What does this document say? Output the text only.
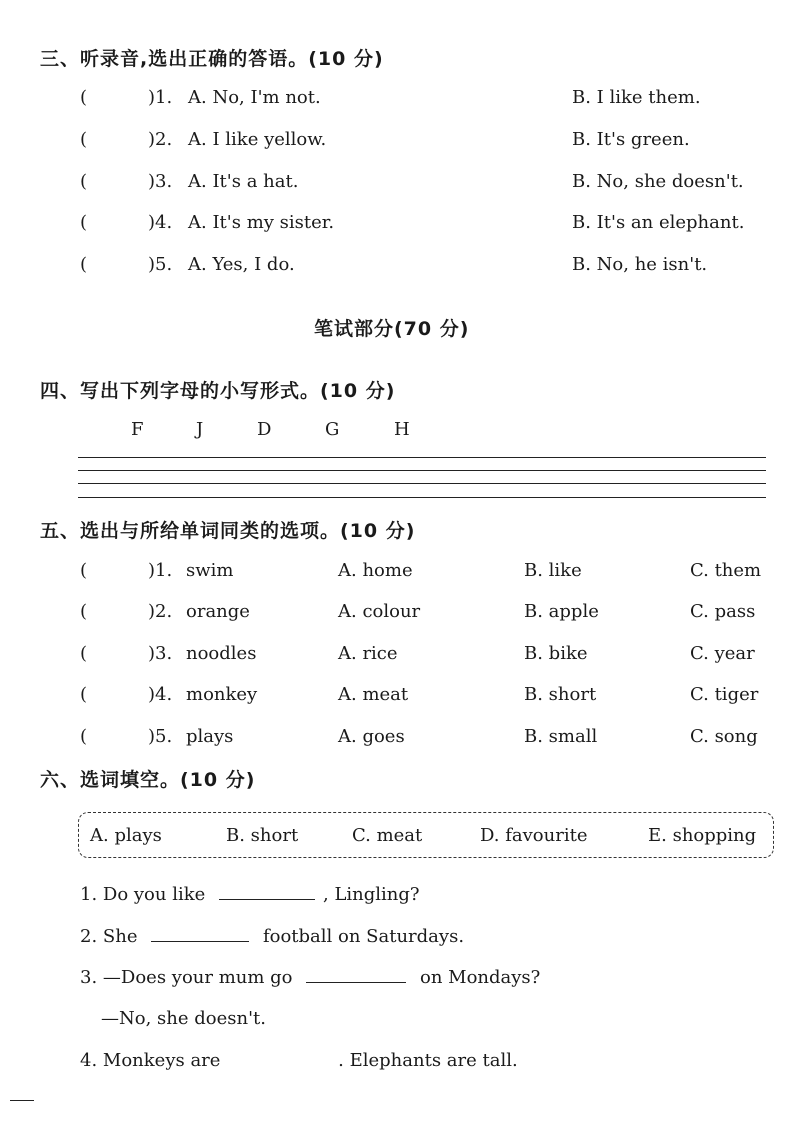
三、听录音,选出正确的答语。(10 分)
(	)1. A. No, I'm not.	B. I like them.
(	)2. A. I like yellow.	B. It's green.
(	)3. A. It's a hat.	B. No, she doesn't.
(	)4. A. It's my sister.	B. It's an elephant.
(	)5. A. Yes, I do.	B. No, he isn't.
笔试部分(70 分)
四、写出下列字母的小写形式。(10 分)
F	J	D	G	H
五、选出与所给单词同类的选项。(10 分)
(	)1. swim	A. home	B. like	C. them
(	)2. orange	A. colour	B. apple	C. pass
(	)3. noodles	A. rice	B. bike	C. year
(	)4. monkey	A. meat	B. short	C. tiger
(	)5. plays	A. goes	B. small	C. song
六、选词填空。(10 分)
A. plays	B. short	C. meat	D. favourite	E. shopping
1. Do you like	, Lingling?
2. She	football on Saturdays.
3. —Does your mum go	on Mondays?
—No, she doesn't.
4. Monkeys are	. Elephants are tall.
